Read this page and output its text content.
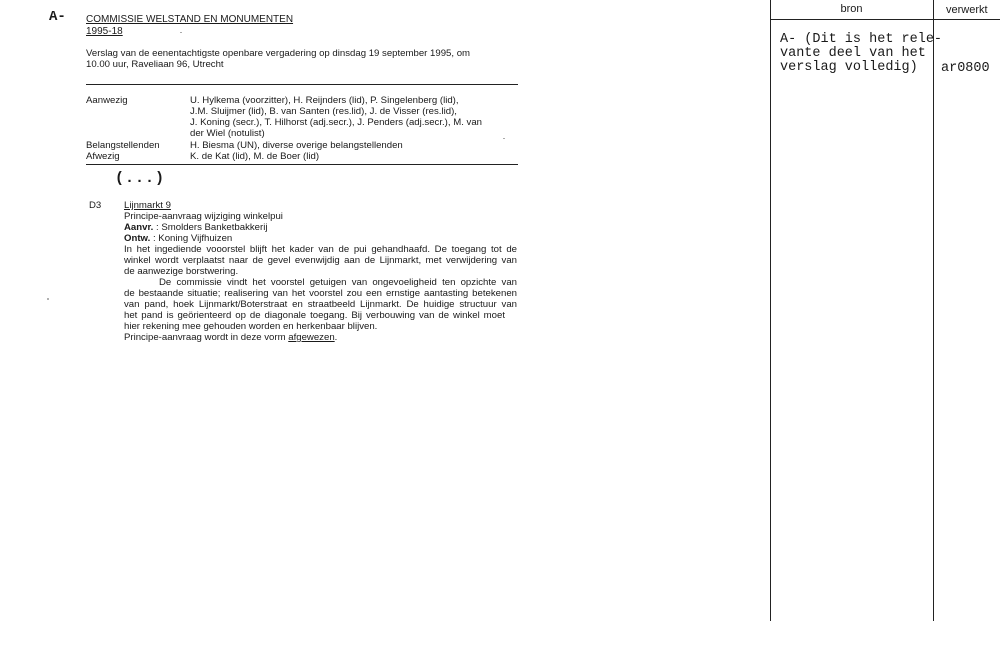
A- COMMISSIE WELSTAND EN MONUMENTEN
1995-18
Verslag van de eenentachtigste openbare vergadering op dinsdag 19 september 1995, om
10.00 uur, Raveliaan 96, Utrecht
Aanwezig	U. Hylkema (voorzitter), H. Reijnders (lid), P. Singelenberg (lid),
J.M. Sluijmer (lid), B. van Santen (res.lid), J. de Visser (res.lid),
J. Koning (secr.), T. Hilhorst (adj.secr.), J. Penders (adj.secr.), M. van
der Wiel (notulist)
Belangstellenden	H. Biesma (UN), diverse overige belangstellenden
Afwezig	K. de Kat (lid), M. de Boer (lid)
(...)
D3 Lijnmarkt 9
Principe-aanvraag wijziging winkelpui
Aanvr. : Smolders Banketbakkerij
Ontw. : Koning Vijfhuizen
In het ingediende vooorstel blijft het kader van de pui gehandhaafd. De toegang tot de
winkel wordt verplaatst naar de gevel evenwijdig aan de Lijnmarkt, met verwijdering van
de aanwezige borstwering.
De commissie vindt het voorstel getuigen van ongevoeligheid ten opzichte van
de bestaande situatie; realisering van het voorstel zou een ernstige aantasting betekenen
van pand, hoek Lijnmarkt/Boterstraat en straatbeeld Lijnmarkt. De huidige structuur van
het pand is geörienteerd op de diagonale toegang. Bij verbouwing van de winkel moet
hier rekening mee gehouden worden en herkenbaar blijven.
Principe-aanvraag wordt in deze vorm afgewezen.
bron	verwerkt
A- (Dit is het rele-
vante deel van het
verslag volledig) ar0800
